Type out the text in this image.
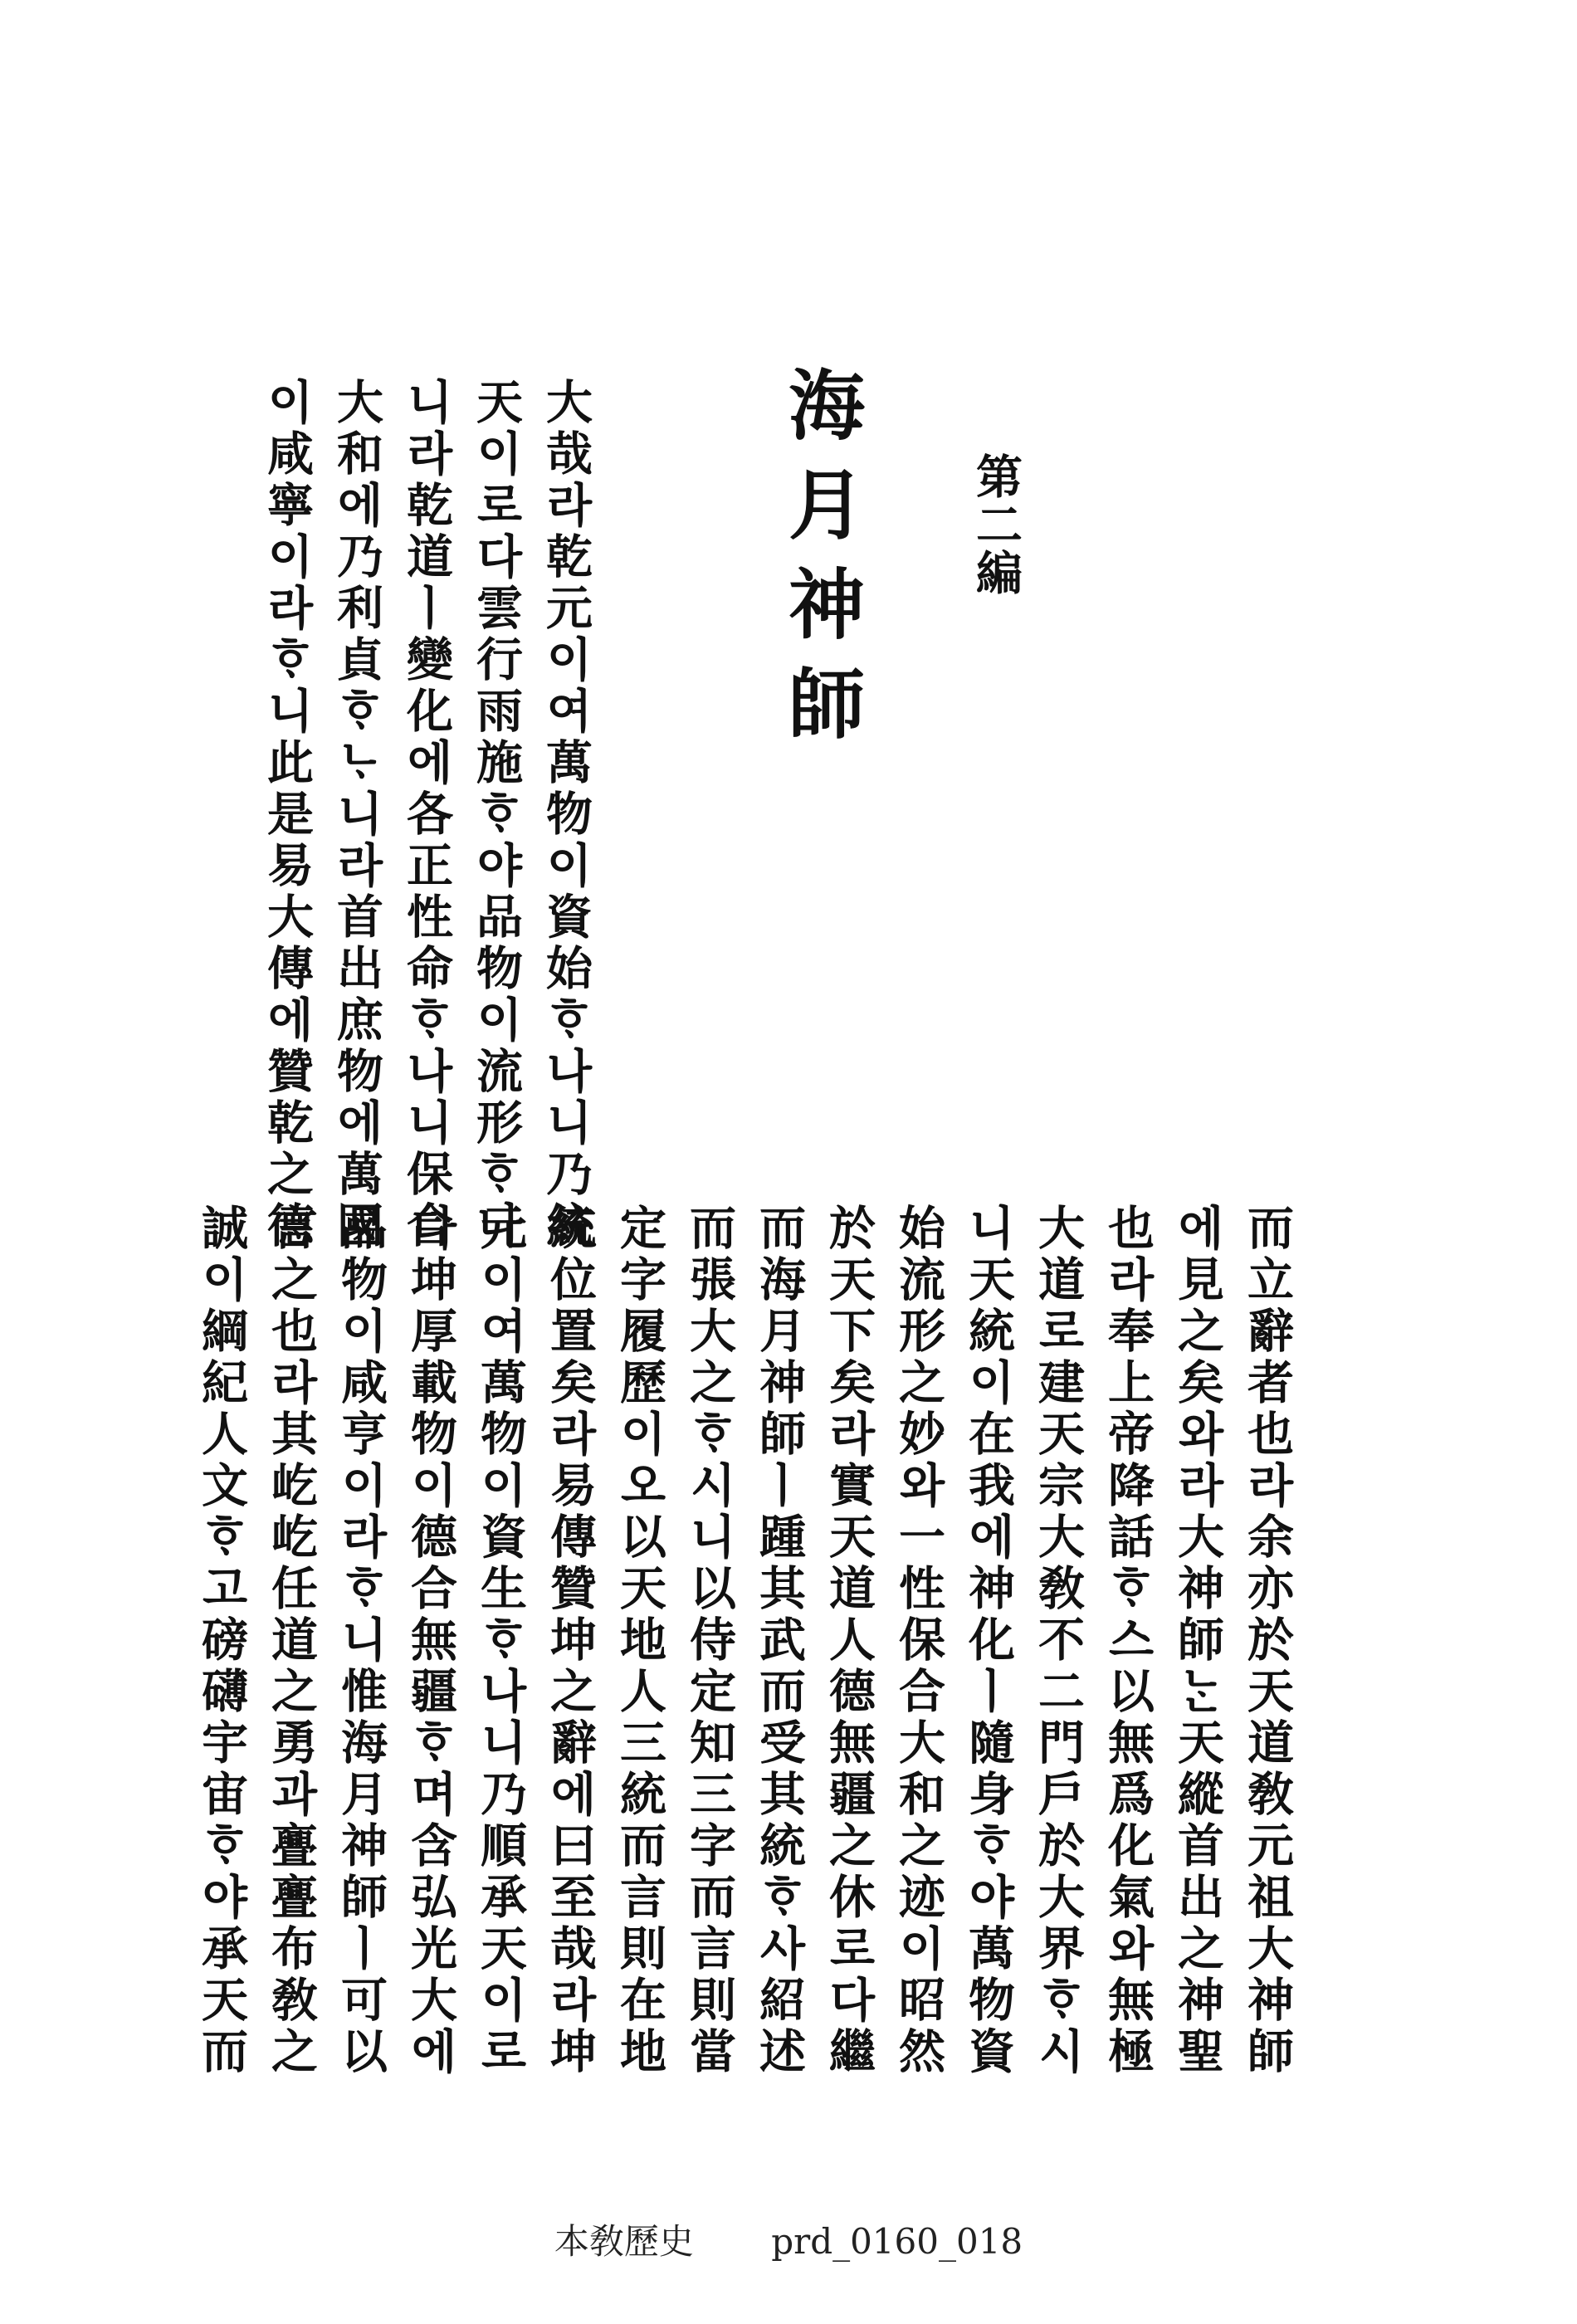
第二編

海月神師

大哉라乾元이여萬物이資始ᄒᆞ나니乃統

天이로다雲行雨施ᄒᆞ야品物이流形ᄒᆞ나

니라乾道ㅣ變化에各正性命ᄒᆞ나니保合

大和에乃利貞ᄒᆞᄂᆞ니라首出庶物에萬國

이咸寧이라ᄒᆞ니此是易大傳에贊乾之德

而立辭者也라余亦於天道敎元祖大神師

에見之矣와라大神師ᄂᆞᆫ天縱首出之神聖

也라奉上帝降話ᄒᆞ스以無爲化氣와無極

大道로建天宗大敎不二門戶於大界ᄒᆞ시

니天統이在我에神化ㅣ隨身ᄒᆞ야萬物資

始流形之妙와一性保合大和之迹이昭然

於天下矣라實天道人德無疆之休로다繼

而海月神師ㅣ踵其武而受其統ᄒᆞ사紹述

而張大之ᄒᆞ시니以侍定知三字而言則當

定字履歷이오以天地人三統而言則在地

統位置矣라易傳贊坤之辭에曰至哉라坤

元이여萬物이資生ᄒᆞ나니乃順承天이로

다坤厚載物이德合無疆ᄒᆞ며含弘光大에

品物이咸亨이라ᄒᆞ니惟海月神師ㅣ可以

言之也라其屹屹任道之勇과亹亹布敎之

誠이綱紀人文ᄒᆞ고磅礴宇宙ᄒᆞ야承天而

本敎歷史 prd_0160_018
